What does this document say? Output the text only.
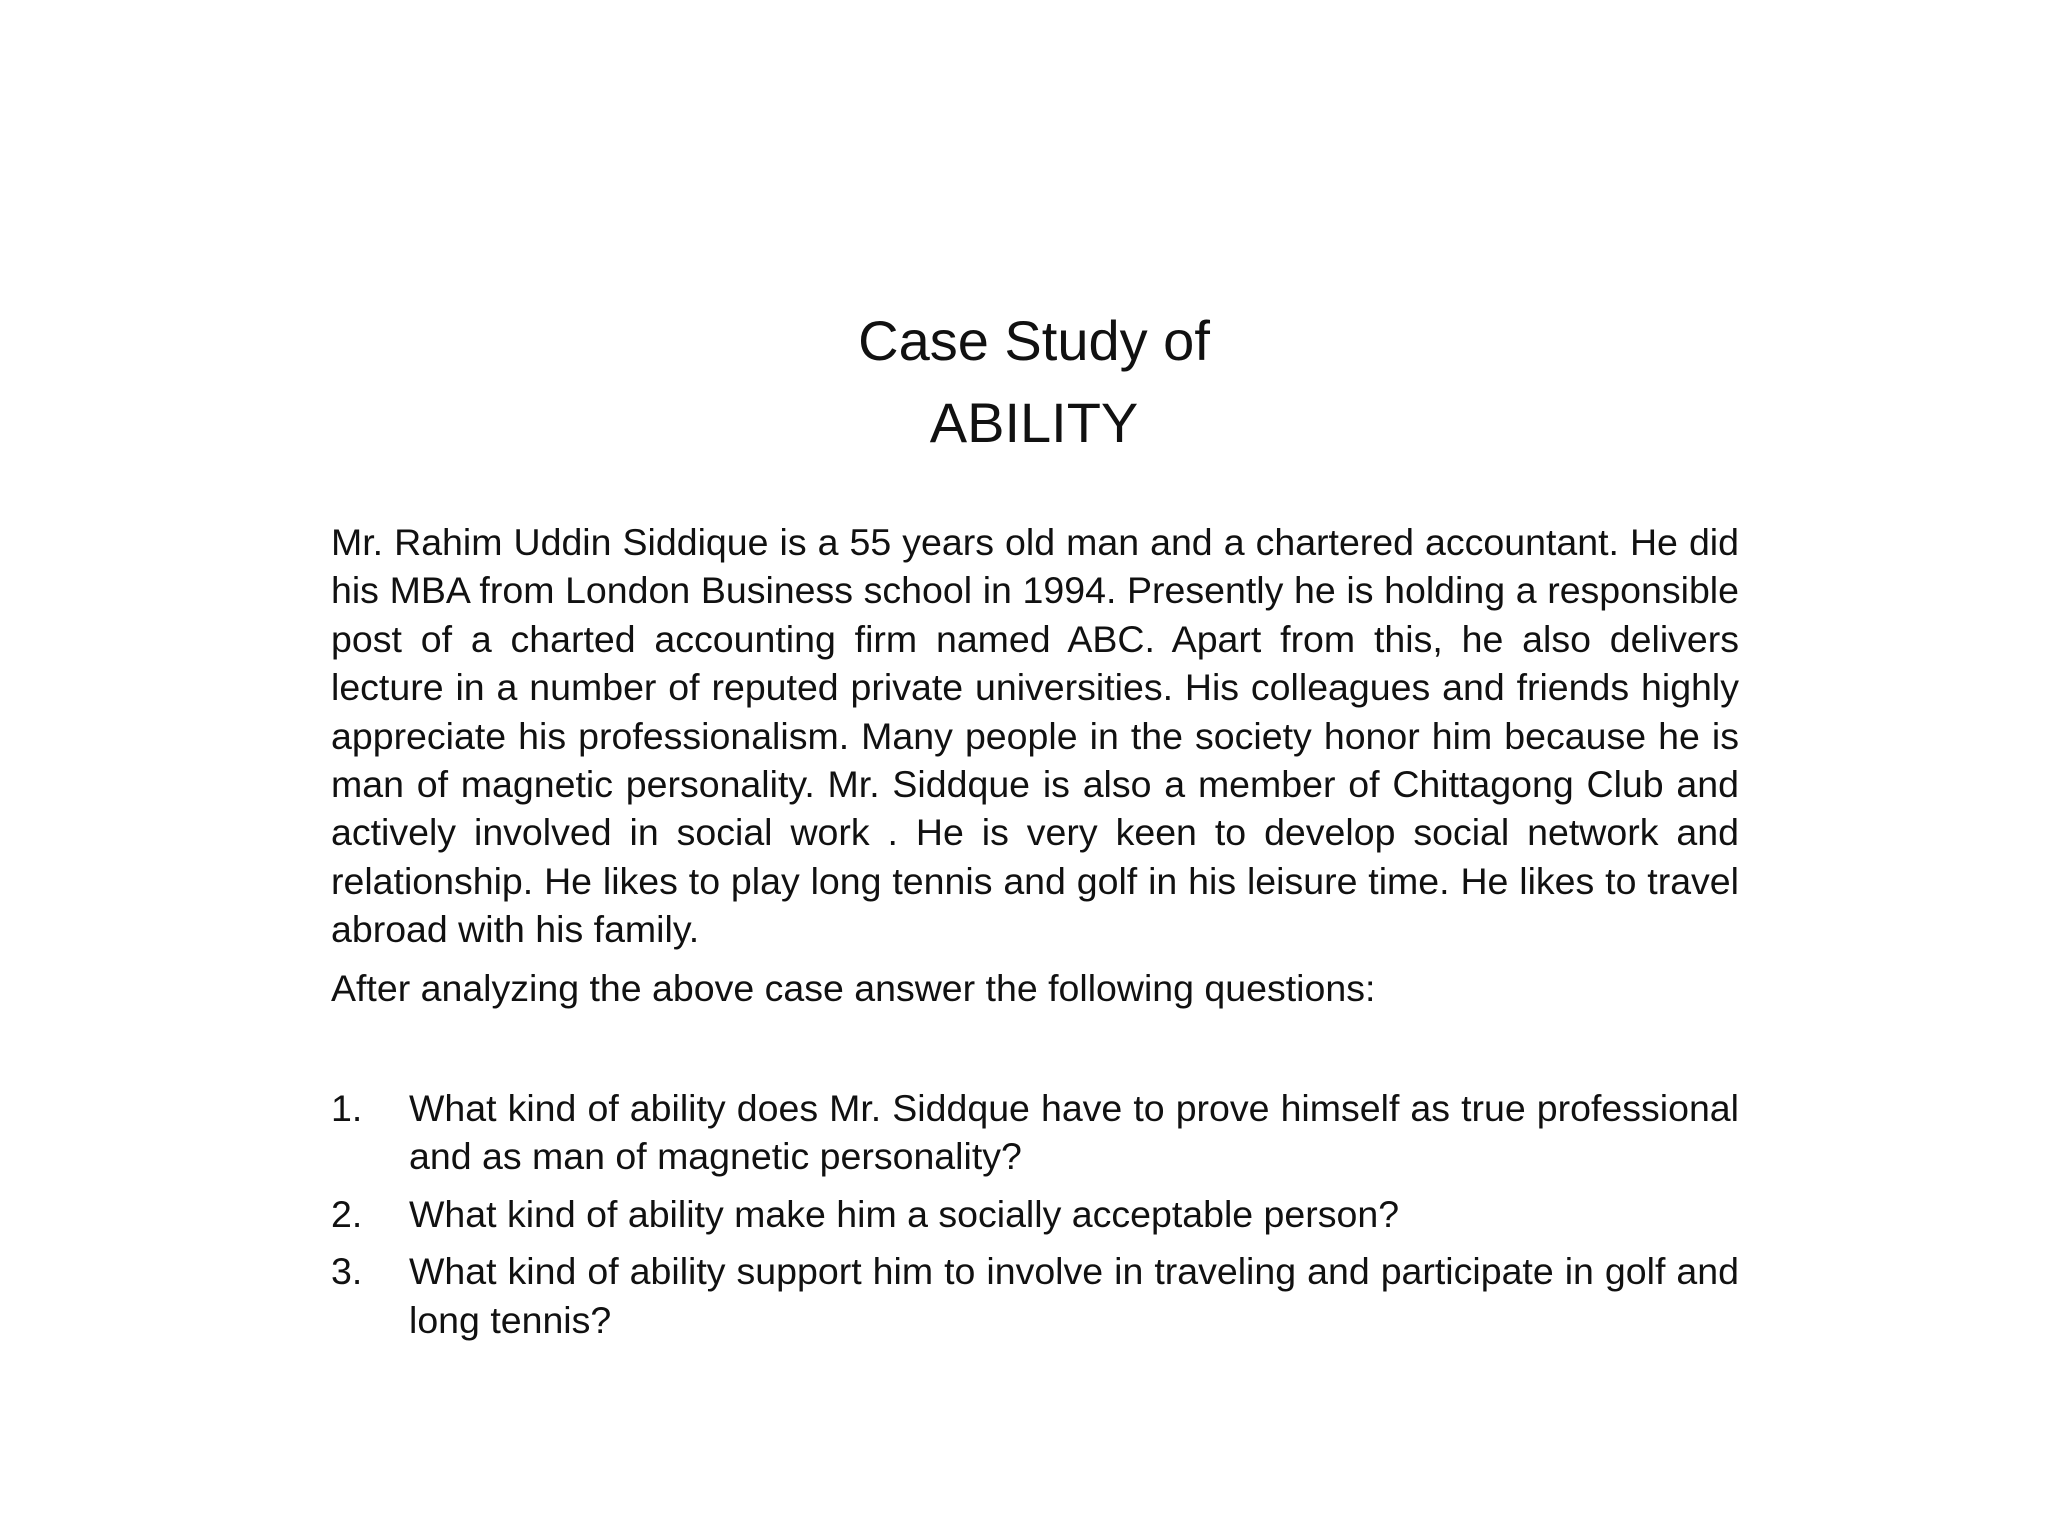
Case Study of
ABILITY

Mr. Rahim Uddin Siddique is a 55 years old man and a chartered accountant. He did his MBA from London Business school in 1994. Presently he is holding a responsible post of a charted accounting firm named ABC. Apart from this, he also delivers lecture in a number of reputed private universities. His colleagues and friends highly appreciate his professionalism. Many people in the society honor him because he is man of magnetic personality. Mr. Siddque is also a member of Chittagong Club and actively involved in social work . He is very keen to develop social network and relationship. He likes to play long tennis and golf in his leisure time. He likes to travel abroad with his family.

After analyzing the above case answer the following questions:

1.	What kind of ability does Mr. Siddque have to prove himself as true professional and as man of magnetic personality?
2.	What kind of ability make him a socially acceptable person?
3.	What kind of ability support him to involve in traveling and participate in golf and long tennis?
